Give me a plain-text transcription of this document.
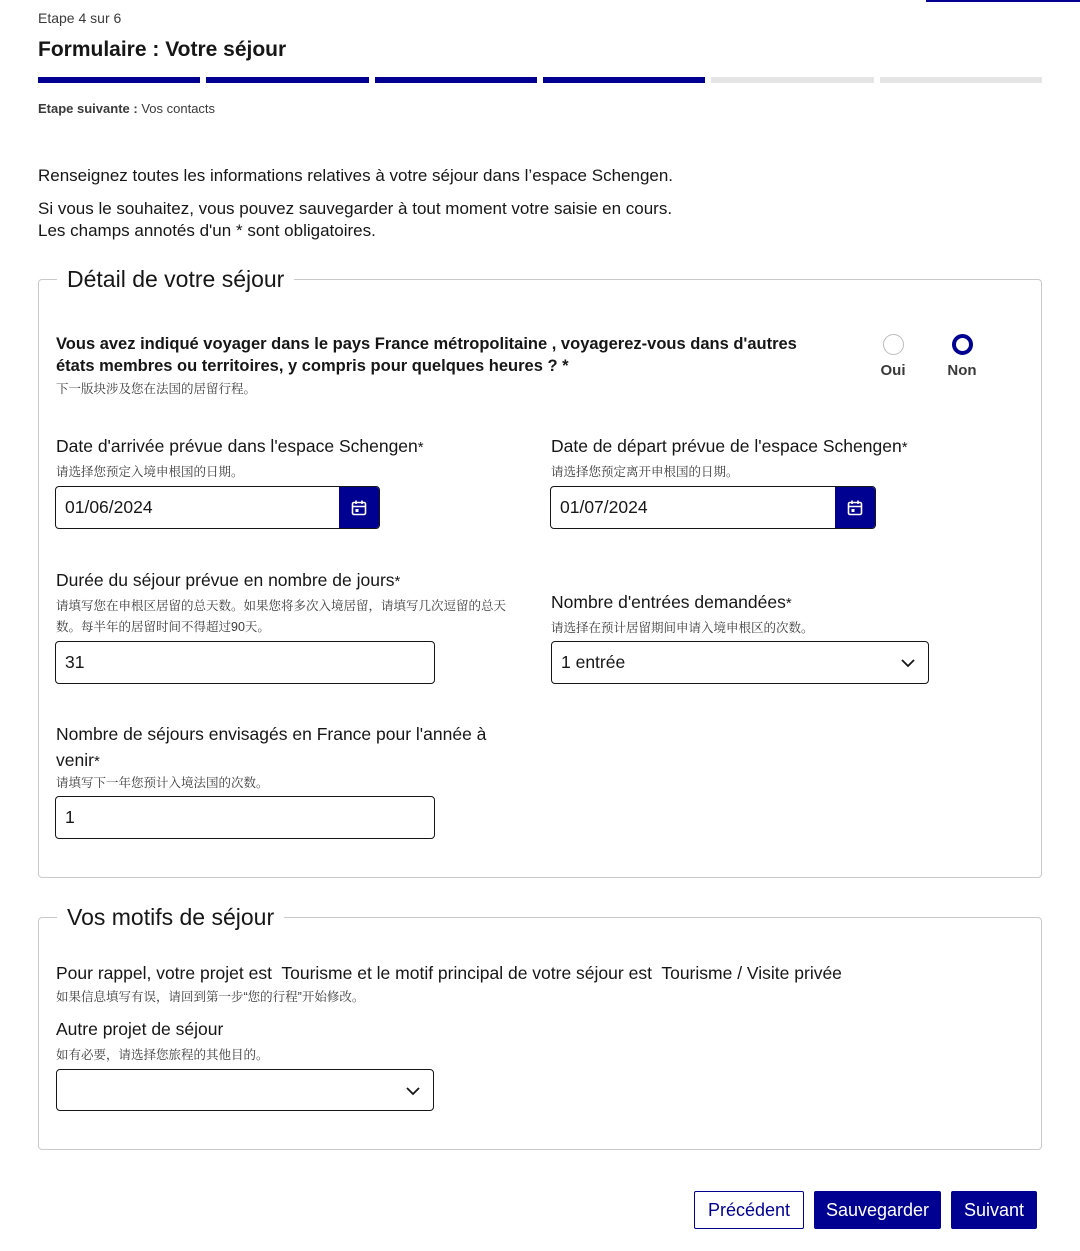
Etape 4 sur 6
Formulaire : Votre séjour
Etape suivante : Vos contacts
Renseignez toutes les informations relatives à votre séjour dans l’espace Schengen.
Si vous le souhaitez, vous pouvez sauvegarder à tout moment votre saisie en cours.
Les champs annotés d'un * sont obligatoires.
Détail de votre séjour
Vous avez indiqué voyager dans le pays France métropolitaine , voyagerez-vous dans d'autres
états membres ou territoires, y compris pour quelques heures ? *
下一版块涉及您在法国的居留行程。
Oui	Non
Date d'arrivée prévue dans l'espace Schengen*
请选择您预定入境申根国的日期。
01/06/2024
Date de départ prévue de l'espace Schengen*
请选择您预定离开申根国的日期。
01/07/2024
Durée du séjour prévue en nombre de jours*
请填写您在申根区居留的总天数。如果您将多次入境居留，请填写几次逗留的总天
数。每半年的居留时间不得超过90天。
31
Nombre d'entrées demandées*
请选择在预计居留期间申请入境申根区的次数。
1 entrée
Nombre de séjours envisagés en France pour l'année à
venir*
请填写下一年您预计入境法国的次数。
1
Vos motifs de séjour
Pour rappel, votre projet est  Tourisme et le motif principal de votre séjour est  Tourisme / Visite privée
如果信息填写有误，请回到第一步“您的行程”开始修改。
Autre projet de séjour
如有必要，请选择您旅程的其他目的。
Précédent	Sauvegarder	Suivant
